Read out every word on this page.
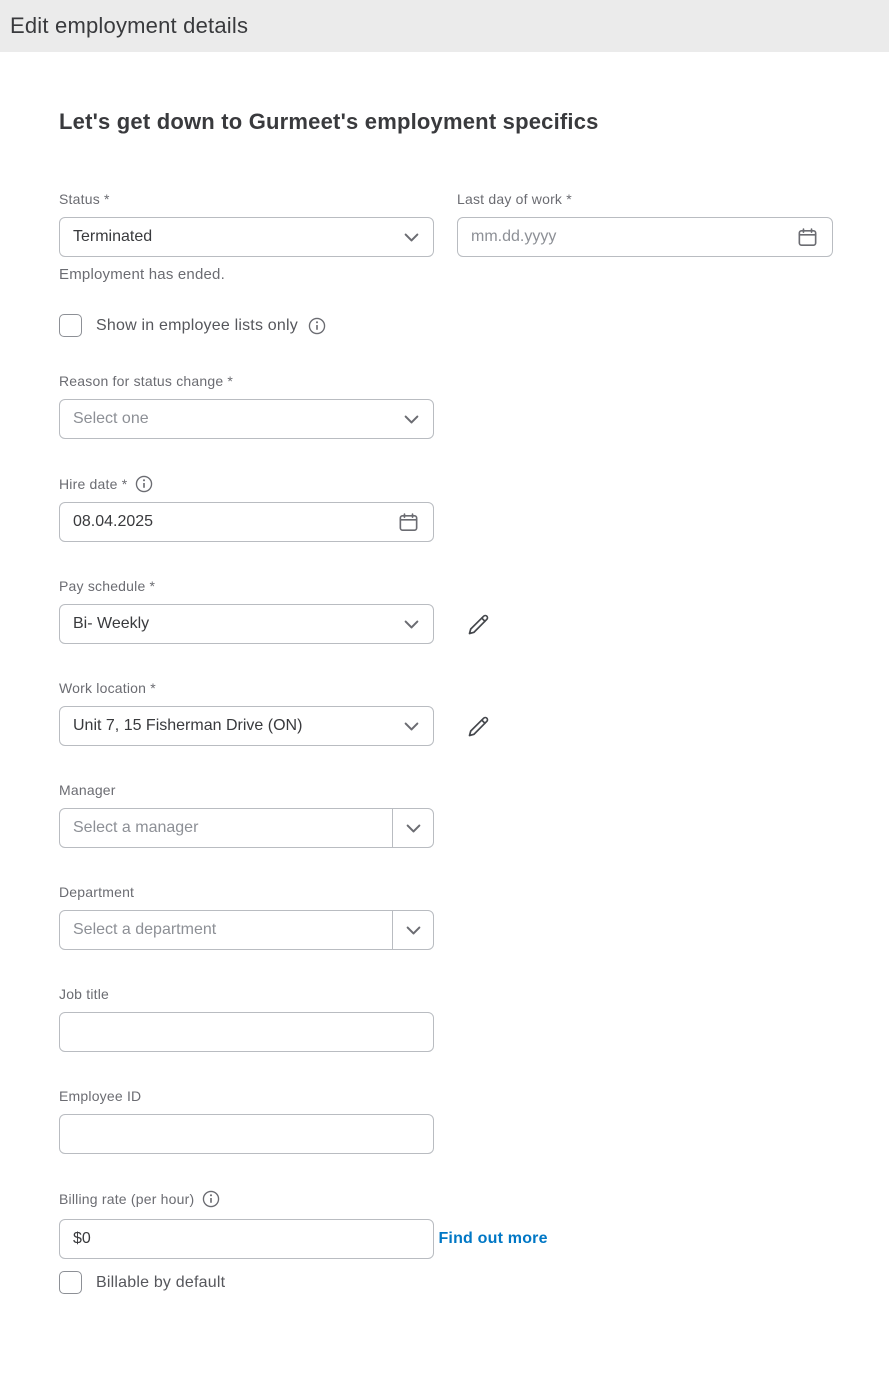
Edit employment details
Let's get down to Gurmeet's employment specifics
Status *
Terminated
Employment has ended.
Show in employee lists only
Last day of work *
mm.dd.yyyy
Reason for status change *
Select one
Hire date *
08.04.2025
Pay schedule *
Bi- Weekly
Work location *
Unit 7, 15 Fisherman Drive (ON)
Manager
Select a manager
Department
Select a department
Job title
Employee ID
Billing rate (per hour)
$0 Find out more
Billable by default
